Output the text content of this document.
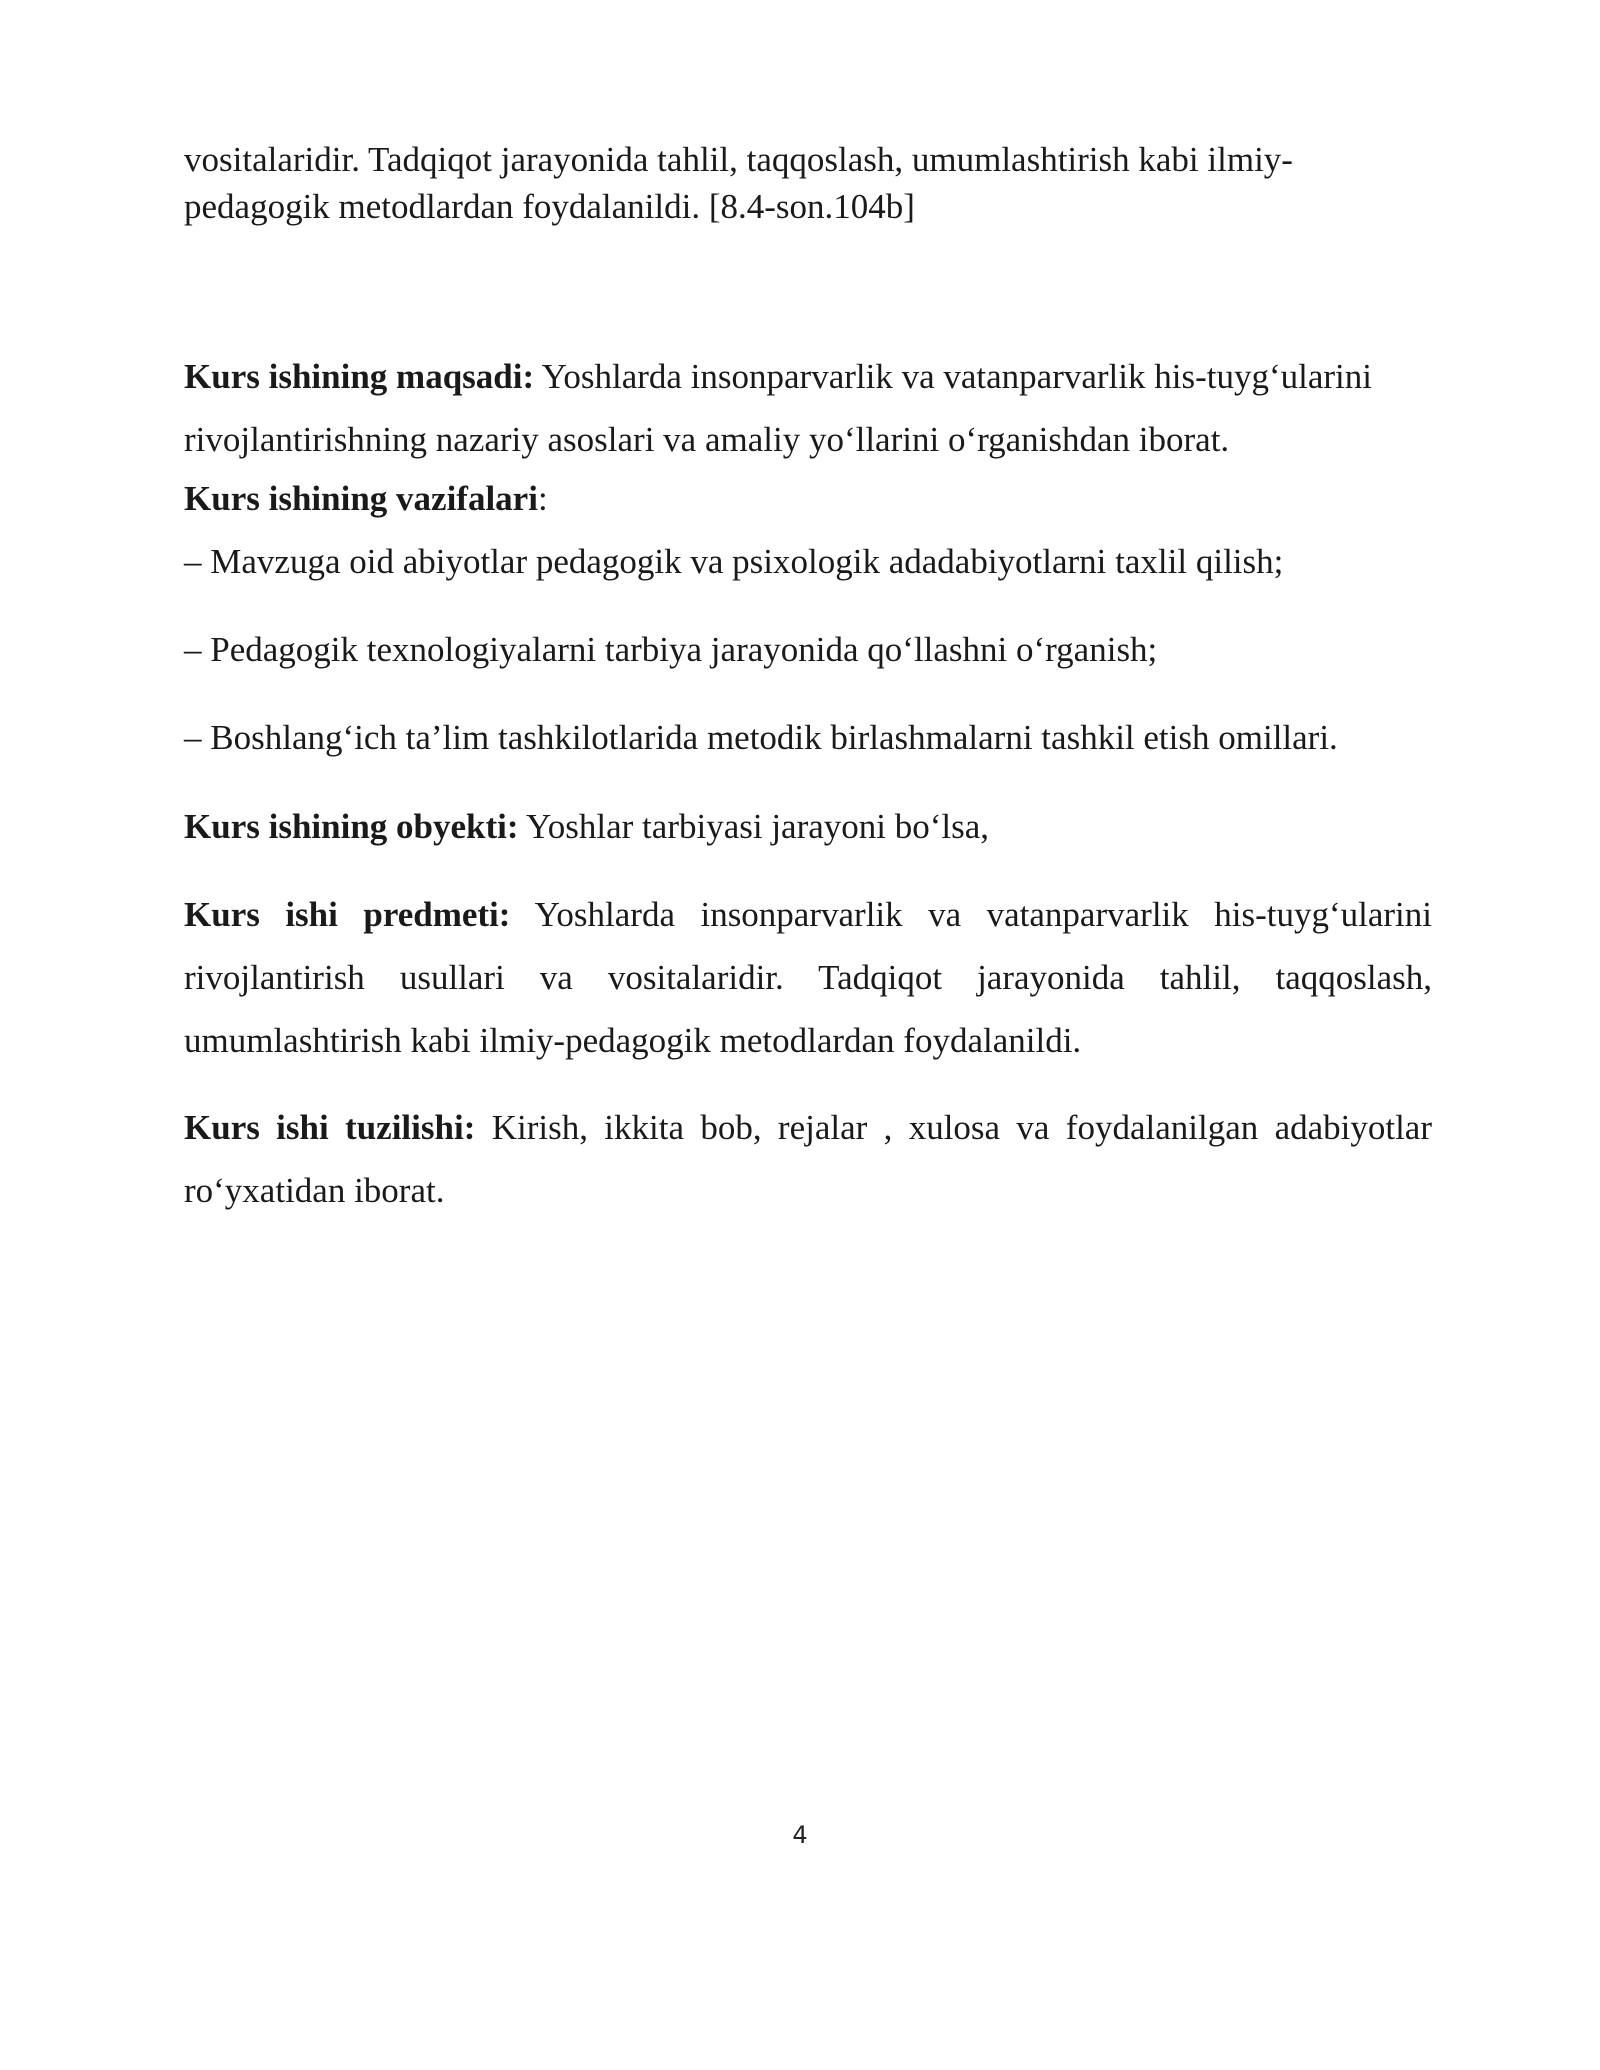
vositalaridir. Tadqiqot jarayonida tahlil, taqqoslash, umumlashtirish kabi ilmiy-pedagogik metodlardan foydalanildi. [8.4-son.104b]

Kurs ishining maqsadi: Yoshlarda insonparvarlik va vatanparvarlik his-tuyg‘ularini rivojlantirishning nazariy asoslari va amaliy yo‘llarini o‘rganishdan iborat.

Kurs ishining vazifalari:

– Mavzuga oid abiyotlar pedagogik va psixologik adadabiyotlarni taxlil qilish;

– Pedagogik texnologiyalarni tarbiya jarayonida qo‘llashni o‘rganish;

– Boshlang‘ich ta’lim tashkilotlarida metodik birlashmalarni tashkil etish omillari.

Kurs ishining obyekti: Yoshlar tarbiyasi jarayoni bo‘lsa,

Kurs ishi predmeti: Yoshlarda insonparvarlik va vatanparvarlik his-tuyg‘ularini rivojlantirish usullari va vositalaridir. Tadqiqot jarayonida tahlil, taqqoslash, umumlashtirish kabi ilmiy-pedagogik metodlardan foydalanildi.

Kurs ishi tuzilishi: Kirish, ikkita bob, rejalar , xulosa va foydalanilgan adabiyotlar ro‘yxatidan iborat.

4
